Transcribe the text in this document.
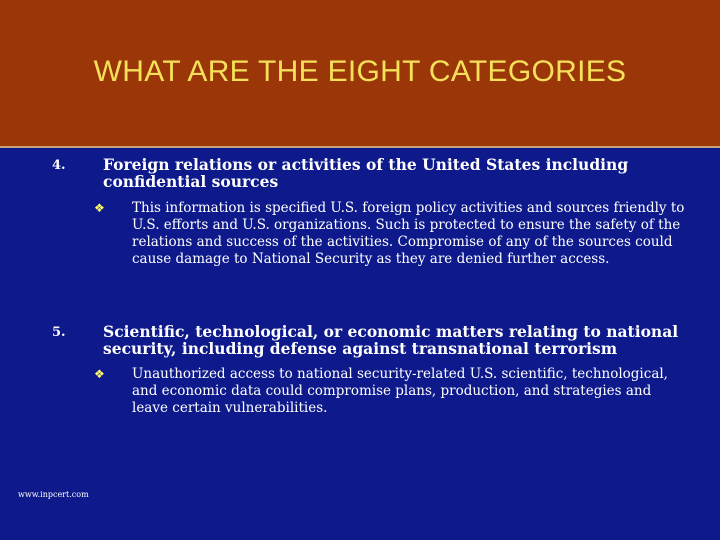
WHAT ARE THE EIGHT CATEGORIES
4. Foreign relations or activities of the United States including confidential sources
❖ This information is specified U.S. foreign policy activities and sources friendly to U.S. efforts and U.S. organizations. Such is protected to ensure the safety of the relations and success of the activities. Compromise of any of the sources could cause damage to National Security as they are denied further access.
5. Scientific, technological, or economic matters relating to national security, including defense against transnational terrorism
❖ Unauthorized access to national security-related U.S. scientific, technological, and economic data could compromise plans, production, and strategies and leave certain vulnerabilities.
www.inpcert.com
